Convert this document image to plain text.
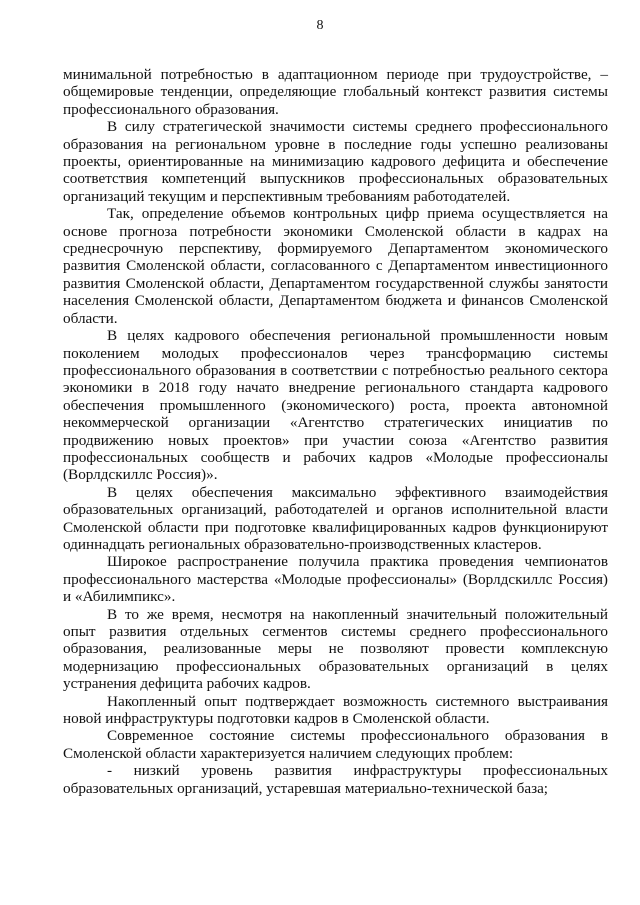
8

минимальной потребностью в адаптационном периоде при трудоустройстве, – общемировые тенденции, определяющие глобальный контекст развития системы профессионального образования.

В силу стратегической значимости системы среднего профессионального образования на региональном уровне в последние годы успешно реализованы проекты, ориентированные на минимизацию кадрового дефицита и обеспечение соответствия компетенций выпускников профессиональных образовательных организаций текущим и перспективным требованиям работодателей.

Так, определение объемов контрольных цифр приема осуществляется на основе прогноза потребности экономики Смоленской области в кадрах на среднесрочную перспективу, формируемого Департаментом экономического развития Смоленской области, согласованного с Департаментом инвестиционного развития Смоленской области, Департаментом государственной службы занятости населения Смоленской области, Департаментом бюджета и финансов Смоленской области.

В целях кадрового обеспечения региональной промышленности новым поколением молодых профессионалов через трансформацию системы профессионального образования в соответствии с потребностью реального сектора экономики в 2018 году начато внедрение регионального стандарта кадрового обеспечения промышленного (экономического) роста, проекта автономной некоммерческой организации «Агентство стратегических инициатив по продвижению новых проектов» при участии союза «Агентство развития профессиональных сообществ и рабочих кадров «Молодые профессионалы (Ворлдскиллс Россия)».

В целях обеспечения максимально эффективного взаимодействия образовательных организаций, работодателей и органов исполнительной власти Смоленской области при подготовке квалифицированных кадров функционируют одиннадцать региональных образовательно-производственных кластеров.

Широкое распространение получила практика проведения чемпионатов профессионального мастерства «Молодые профессионалы» (Ворлдскиллс Россия) и «Абилимпикс».

В то же время, несмотря на накопленный значительный положительный опыт развития отдельных сегментов системы среднего профессионального образования, реализованные меры не позволяют провести комплексную модернизацию профессиональных образовательных организаций в целях устранения дефицита рабочих кадров.

Накопленный опыт подтверждает возможность системного выстраивания новой инфраструктуры подготовки кадров в Смоленской области.

Современное состояние системы профессионального образования в Смоленской области характеризуется наличием следующих проблем:

- низкий уровень развития инфраструктуры профессиональных образовательных организаций, устаревшая материально-технической база;
